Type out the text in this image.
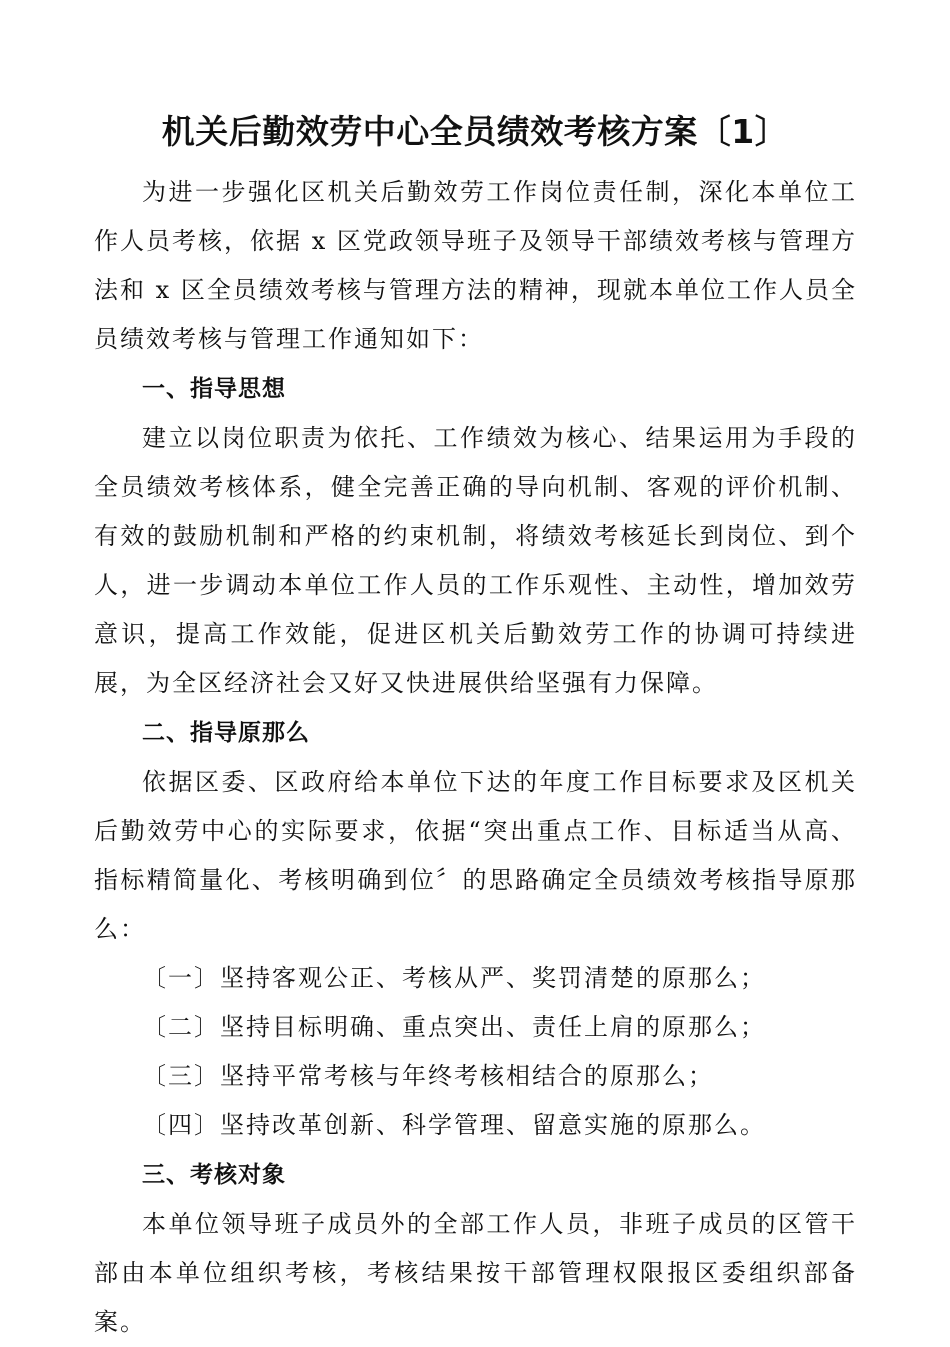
机关后勤效劳中心全员绩效考核方案〔1〕

为进一步强化区机关后勤效劳工作岗位责任制，深化本单位工作人员考核，依据 x 区党政领导班子及领导干部绩效考核与管理方法和 x 区全员绩效考核与管理方法的精神，现就本单位工作人员全员绩效考核与管理工作通知如下：

一、指导思想

建立以岗位职责为依托、工作绩效为核心、结果运用为手段的全员绩效考核体系，健全完善正确的导向机制、客观的评价机制、有效的鼓励机制和严格的约束机制，将绩效考核延长到岗位、到个人，进一步调动本单位工作人员的工作乐观性、主动性，增加效劳意识，提高工作效能，促进区机关后勤效劳工作的协调可持续进展，为全区经济社会又好又快进展供给坚强有力保障。

二、指导原那么

依据区委、区政府给本单位下达的年度工作目标要求及区机关后勤效劳中心的实际要求，依据“突出重点工作、目标适当从高、指标精简量化、考核明确到位〞的思路确定全员绩效考核指导原那么：

〔一〕坚持客观公正、考核从严、奖罚清楚的原那么；
〔二〕坚持目标明确、重点突出、责任上肩的原那么；
〔三〕坚持平常考核与年终考核相结合的原那么；
〔四〕坚持改革创新、科学管理、留意实施的原那么。
三、考核对象

本单位领导班子成员外的全部工作人员，非班子成员的区管干部由本单位组织考核，考核结果按干部管理权限报区委组织部备案。
